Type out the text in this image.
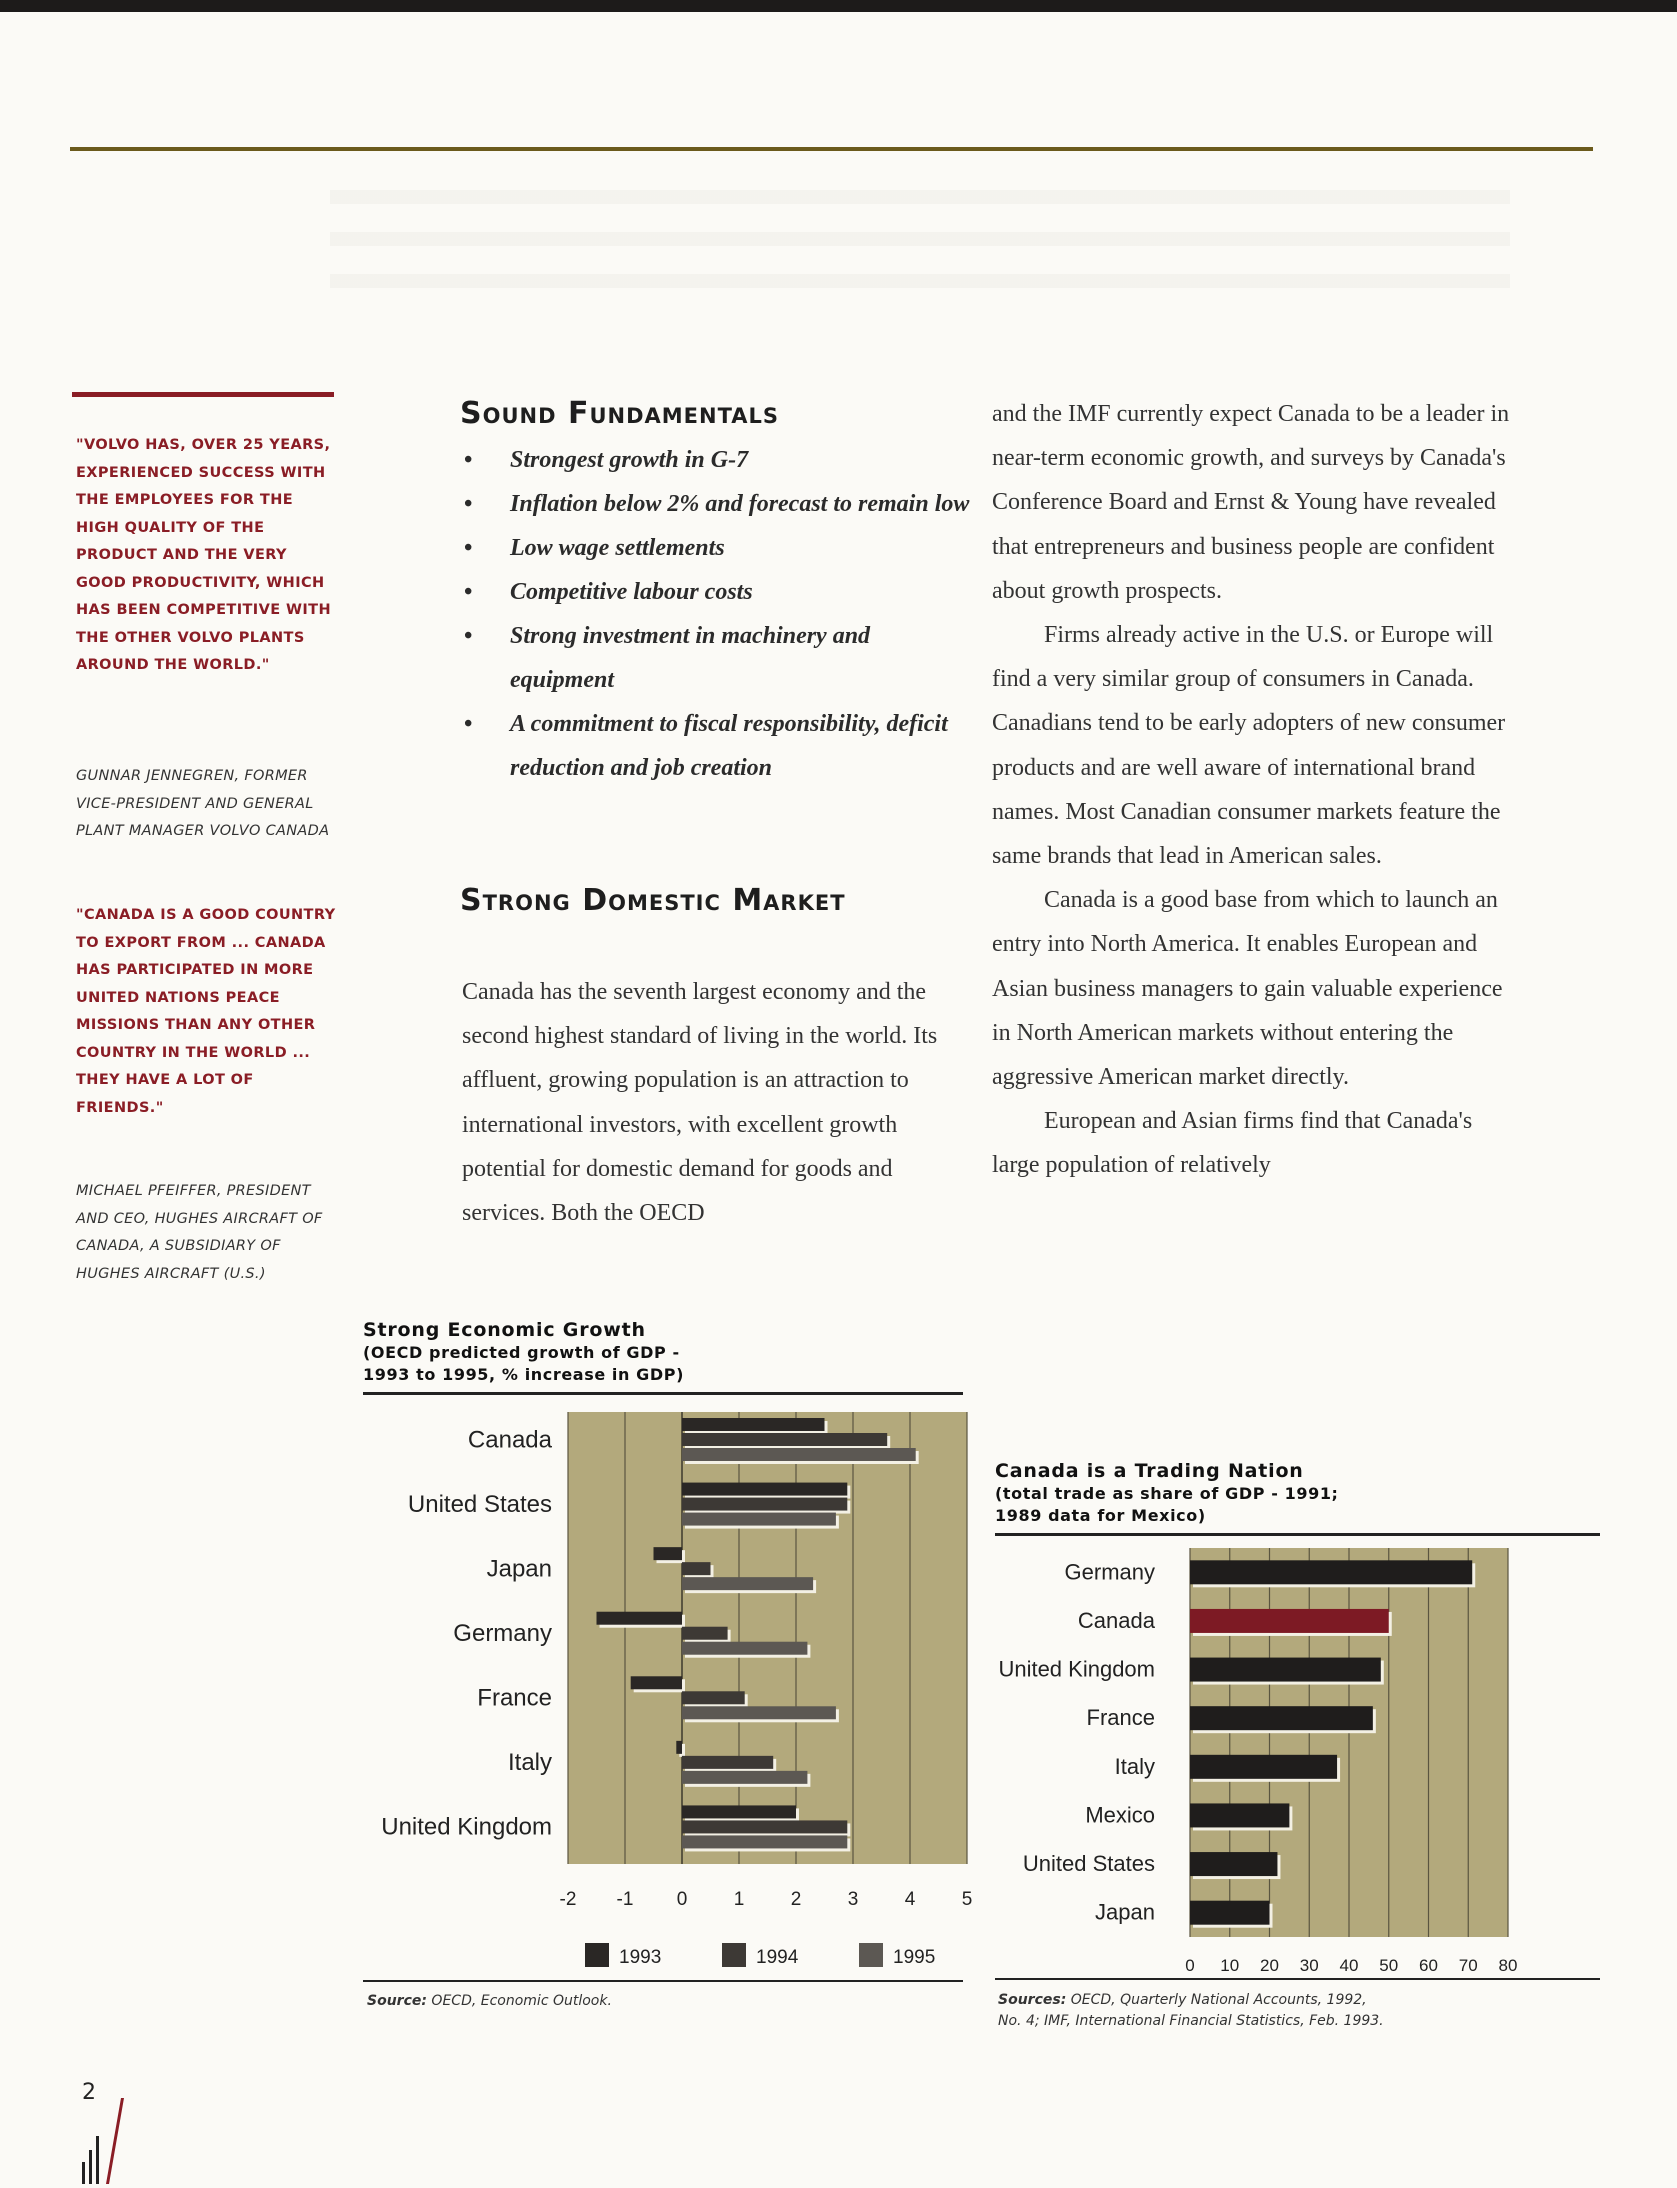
"VOLVO HAS, OVER 25 YEARS, EXPERIENCED SUCCESS WITH THE EMPLOYEES FOR THE HIGH QUALITY OF THE PRODUCT AND THE VERY GOOD PRODUCTIVITY, WHICH HAS BEEN COMPETITIVE WITH THE OTHER VOLVO PLANTS AROUND THE WORLD."

GUNNAR JENNEGREN, FORMER VICE-PRESIDENT AND GENERAL PLANT MANAGER VOLVO CANADA

"CANADA IS A GOOD COUNTRY TO EXPORT FROM ... CANADA HAS PARTICIPATED IN MORE UNITED NATIONS PEACE MISSIONS THAN ANY OTHER COUNTRY IN THE WORLD ... THEY HAVE A LOT OF FRIENDS."

MICHAEL PFEIFFER, PRESIDENT AND CEO, HUGHES AIRCRAFT OF CANADA, A SUBSIDIARY OF HUGHES AIRCRAFT (U.S.)

Sound Fundamentals
• Strongest growth in G-7
• Inflation below 2% and forecast to remain low
• Low wage settlements
• Competitive labour costs
• Strong investment in machinery and equipment
• A commitment to fiscal responsibility, deficit reduction and job creation
Strong Domestic Market

Canada has the seventh largest economy and the second highest standard of living in the world. Its affluent, growing population is an attraction to international investors, with excellent growth potential for domestic demand for goods and services. Both the OECD

and the IMF currently expect Canada to be a leader in near-term economic growth, and surveys by Canada's Conference Board and Ernst & Young have revealed that entrepreneurs and business people are confident about growth prospects.

Firms already active in the U.S. or Europe will find a very similar group of consumers in Canada. Canadians tend to be early adopters of new consumer products and are well aware of international brand names. Most Canadian consumer markets feature the same brands that lead in American sales.

Canada is a good base from which to launch an entry into North America. It enables European and Asian business managers to gain valuable experience in North American markets without entering the aggressive American market directly.

European and Asian firms find that Canada's large population of relatively

Strong Economic Growth

(OECD predicted growth of GDP -

1993 to 1995, % increase in GDP)

Source: OECD, Economic Outlook.

Canada is a Trading Nation

(total trade as share of GDP - 1991;

1989 data for Mexico)

Sources: OECD, Quarterly National Accounts, 1992,
No. 4; IMF, International Financial Statistics, Feb. 1993.

-2 -1 0 1 2 3 4 5
Canada
United States
Japan
Germany
France
Italy
United Kingdom
1993	1994	1995	0 10 20 30 40 50 60 70 80
Germany
Canada
United Kingdom
France
Italy
Mexico
United States
Japan
2
